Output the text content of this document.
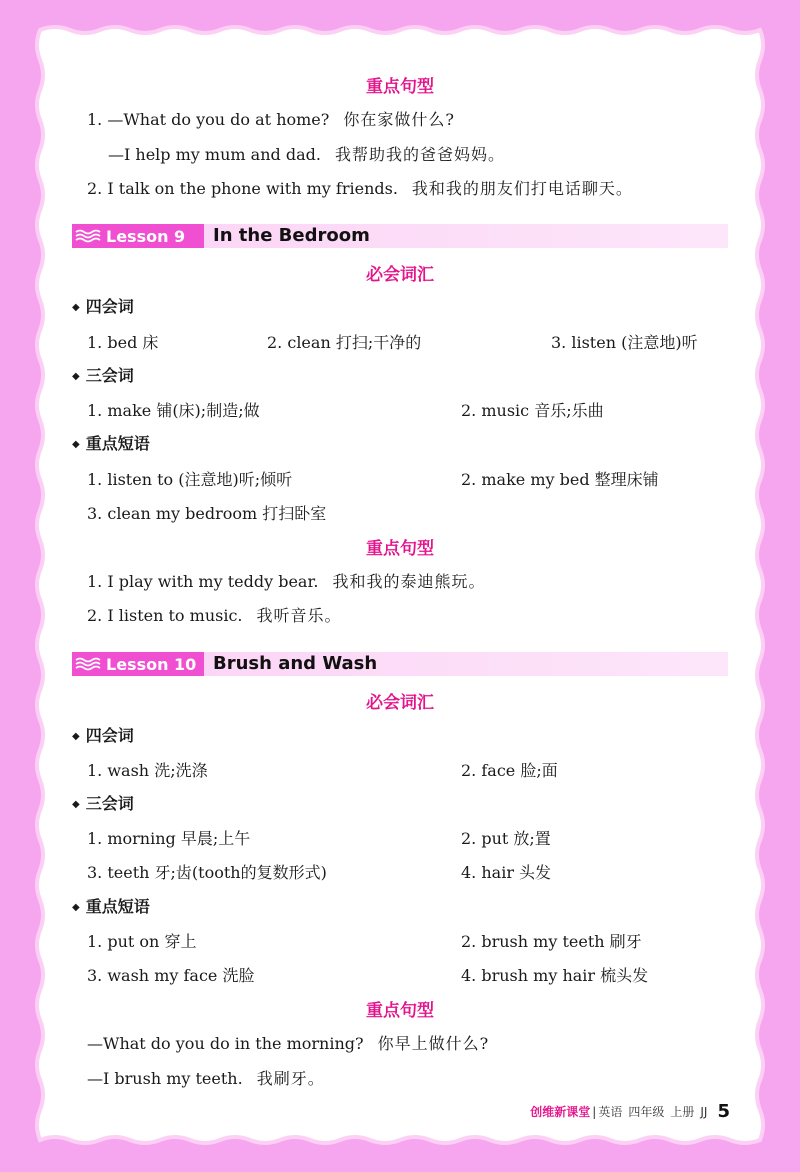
重点句型
1. —What do you do at home? 你在家做什么?
—I help my mum and dad. 我帮助我的爸爸妈妈。
2. I talk on the phone with my friends. 我和我的朋友们打电话聊天。
Lesson 9 In the Bedroom
必会词汇
◆ 四会词
1. bed 床	2. clean 打扫;干净的	3. listen (注意地)听
◆ 三会词
1. make 铺(床);制造;做	2. music 音乐;乐曲
◆ 重点短语
1. listen to (注意地)听;倾听	2. make my bed 整理床铺
3. clean my bedroom 打扫卧室
重点句型
1. I play with my teddy bear. 我和我的泰迪熊玩。
2. I listen to music. 我听音乐。
Lesson 10 Brush and Wash
必会词汇
◆ 四会词
1. wash 洗;洗涤	2. face 脸;面
◆ 三会词
1. morning 早晨;上午	2. put 放;置
3. teeth 牙;齿(tooth的复数形式)	4. hair 头发
◆ 重点短语
1. put on 穿上	2. brush my teeth 刷牙
3. wash my face 洗脸	4. brush my hair 梳头发
重点句型
—What do you do in the morning? 你早上做什么?
—I brush my teeth. 我刷牙。
创维新课堂 | 英语 四年级 上册 JJ 5
